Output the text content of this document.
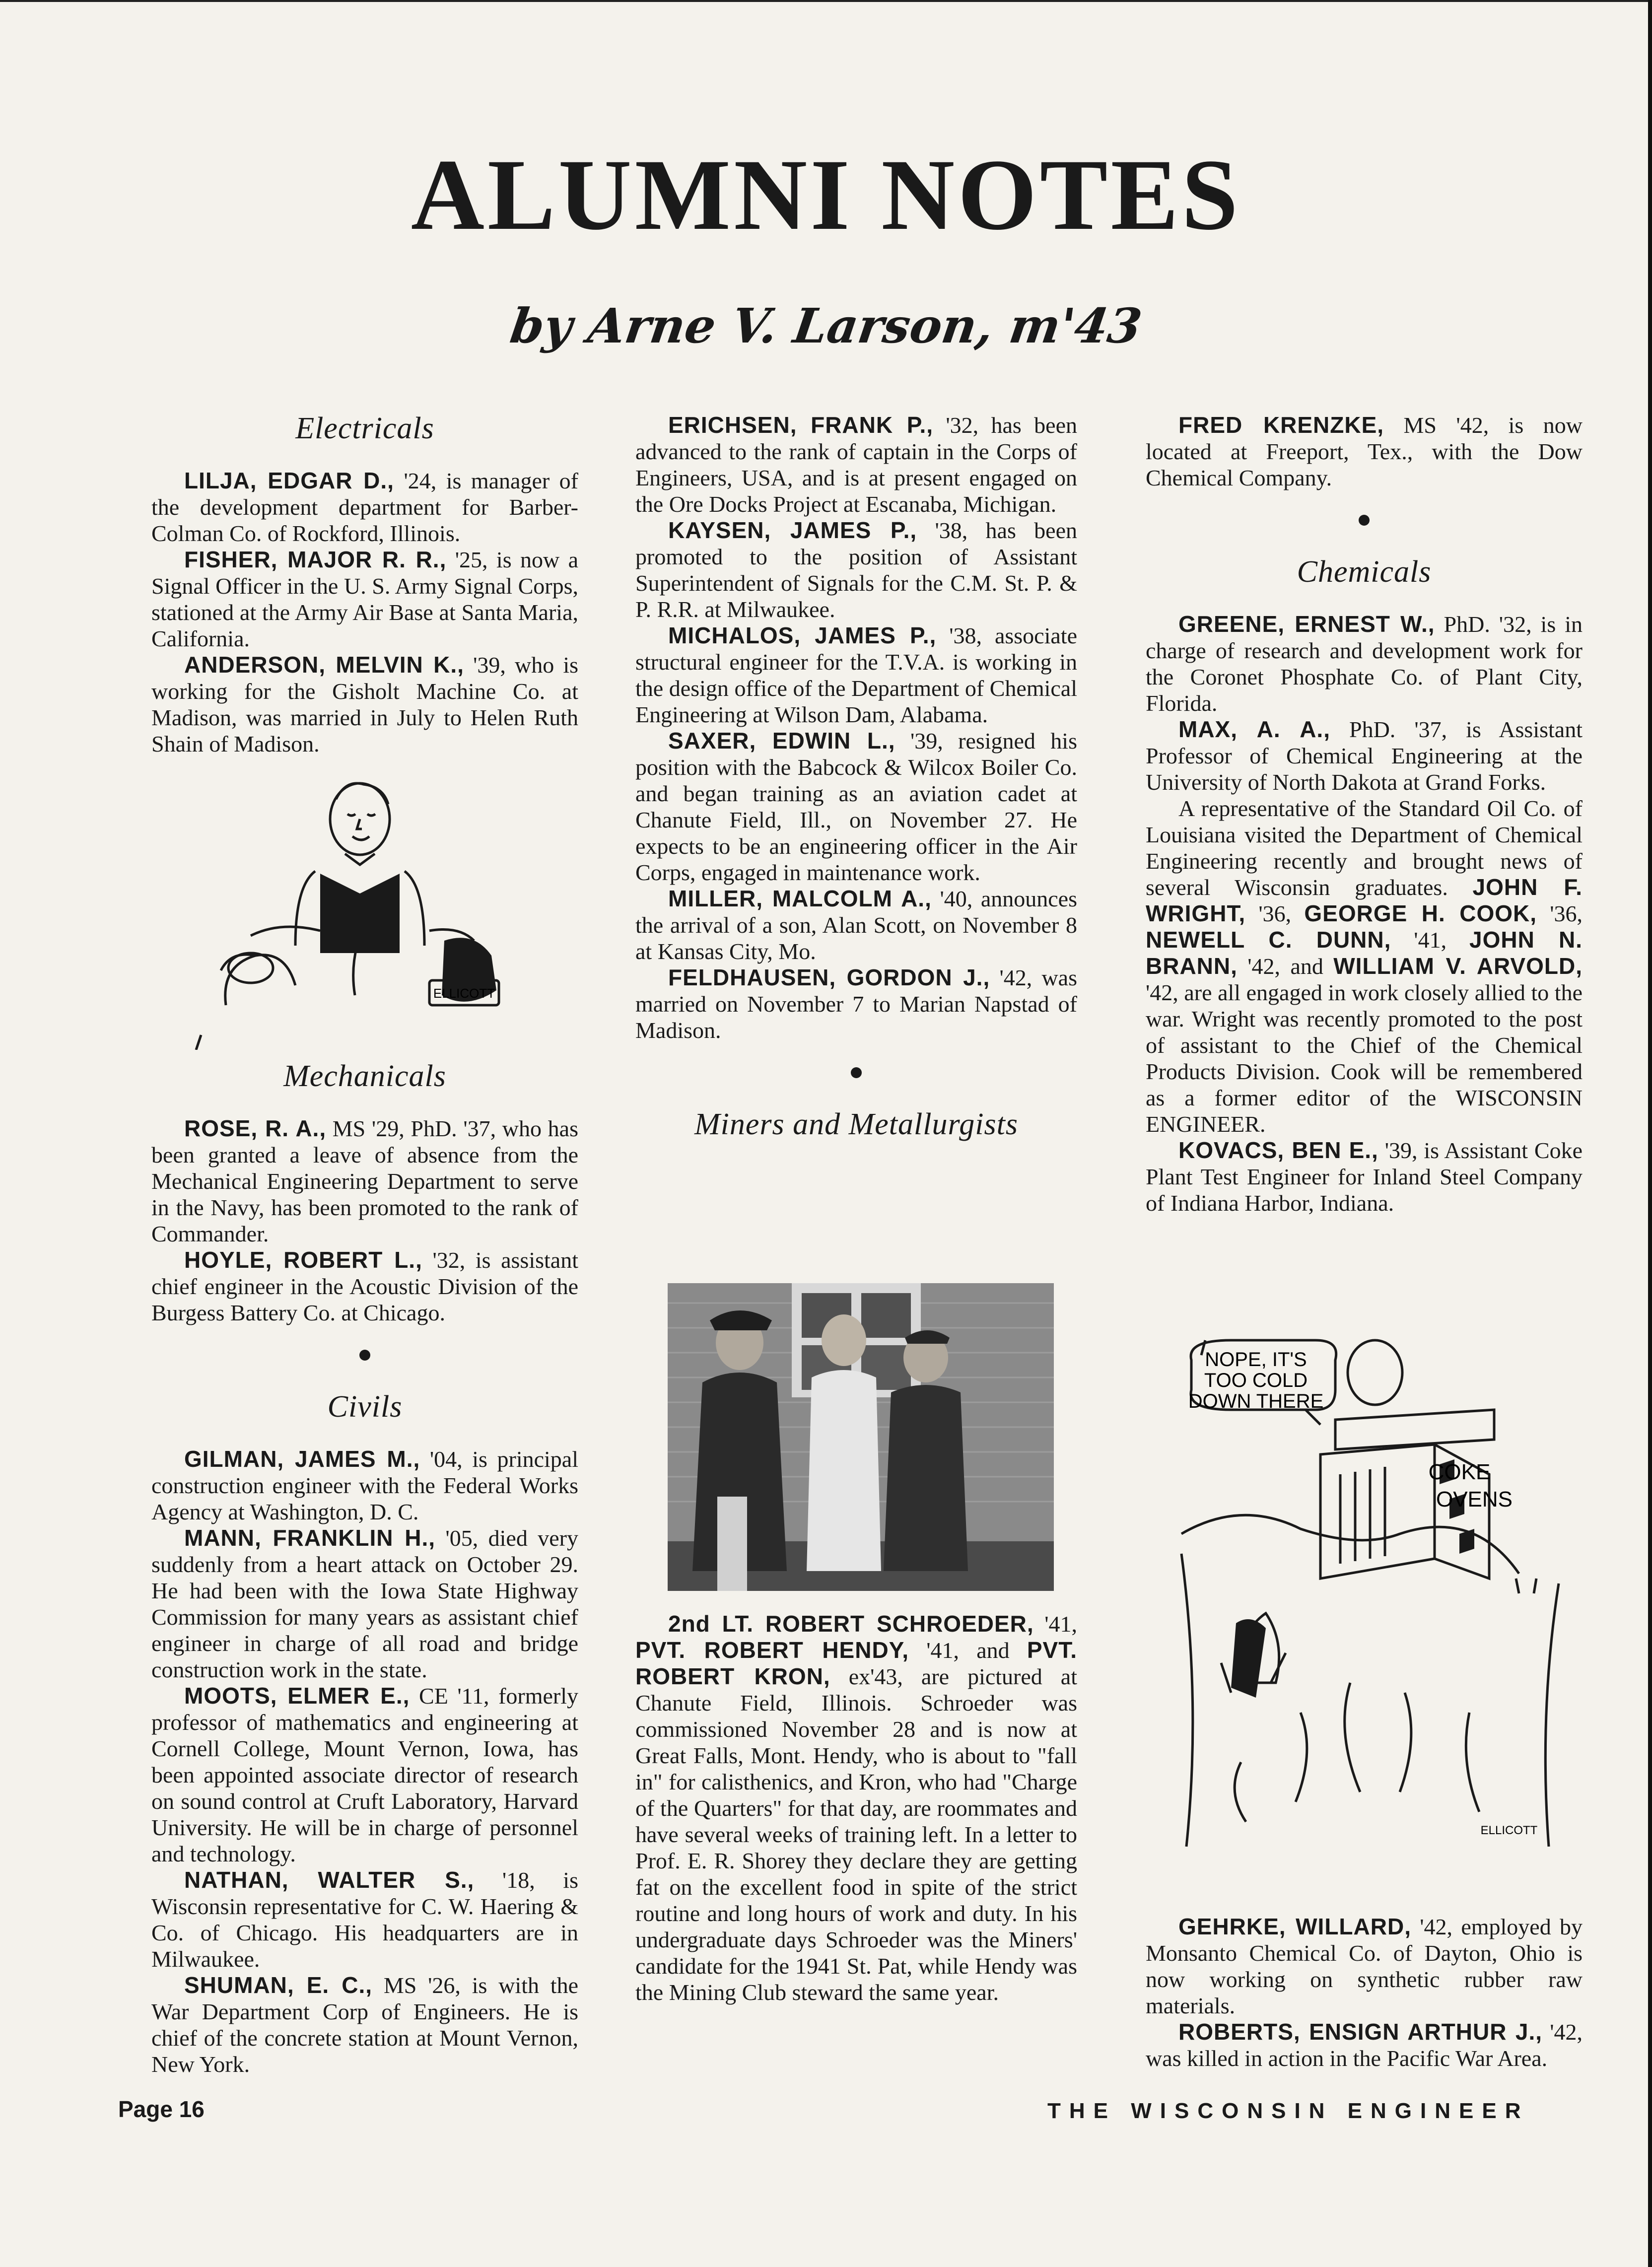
ALUMNI NOTES
by Arne V. Larson, m'43
Electricals

LILJA, EDGAR D., '24, is manager of the development department for Barber-Colman Co. of Rockford, Illinois.

FISHER, MAJOR R. R., '25, is now a Signal Officer in the U. S. Army Signal Corps, stationed at the Army Air Base at Santa Maria, California.

ANDERSON, MELVIN K., '39, who is working for the Gisholt Machine Co. at Madison, was married in July to Helen Ruth Shain of Madison.

ELLICOTT
Mechanicals

ROSE, R. A., MS '29, PhD. '37, who has been granted a leave of absence from the Mechanical Engineering Department to serve in the Navy, has been promoted to the rank of Commander.

HOYLE, ROBERT L., '32, is assistant chief engineer in the Acoustic Division of the Burgess Battery Co. at Chicago.

Civils

GILMAN, JAMES M., '04, is principal construction engineer with the Federal Works Agency at Washington, D. C.

MANN, FRANKLIN H., '05, died very suddenly from a heart attack on October 29. He had been with the Iowa State Highway Commission for many years as assistant chief engineer in charge of all road and bridge construction work in the state.

MOOTS, ELMER E., CE '11, formerly professor of mathematics and engineering at Cornell College, Mount Vernon, Iowa, has been appointed associate director of research on sound control at Cruft Laboratory, Harvard University. He will be in charge of personnel and technology.

NATHAN, WALTER S., '18, is Wisconsin representative for C. W. Haering & Co. of Chicago. His headquarters are in Milwaukee.

SHUMAN, E. C., MS '26, is with the War Department Corp of Engineers. He is chief of the concrete station at Mount Vernon, New York.

ERICHSEN, FRANK P., '32, has been advanced to the rank of captain in the Corps of Engineers, USA, and is at present engaged on the Ore Docks Project at Escanaba, Michigan.

KAYSEN, JAMES P., '38, has been promoted to the position of Assistant Superintendent of Signals for the C.M. St. P. & P. R.R. at Milwaukee.

MICHALOS, JAMES P., '38, associate structural engineer for the T.V.A. is working in the design office of the Department of Chemical Engineering at Wilson Dam, Alabama.

SAXER, EDWIN L., '39, resigned his position with the Babcock & Wilcox Boiler Co. and began training as an aviation cadet at Chanute Field, Ill., on November 27. He expects to be an engineering officer in the Air Corps, engaged in maintenance work.

MILLER, MALCOLM A., '40, announces the arrival of a son, Alan Scott, on November 8 at Kansas City, Mo.

FELDHAUSEN, GORDON J., '42, was married on November 7 to Marian Napstad of Madison.

Miners and Metallurgists

2nd LT. ROBERT SCHROEDER, '41, PVT. ROBERT HENDY, '41, and PVT. ROBERT KRON, ex'43, are pictured at Chanute Field, Illinois. Schroeder was commissioned November 28 and is now at Great Falls, Mont. Hendy, who is about to "fall in" for calisthenics, and Kron, who had "Charge of the Quarters" for that day, are roommates and have several weeks of training left. In a letter to Prof. E. R. Shorey they declare they are getting fat on the excellent food in spite of the strict routine and long hours of work and duty. In his undergraduate days Schroeder was the Miners' candidate for the 1941 St. Pat, while Hendy was the Mining Club steward the same year.

FRED KRENZKE, MS '42, is now located at Freeport, Tex., with the Dow Chemical Company.

Chemicals

GREENE, ERNEST W., PhD. '32, is in charge of research and development work for the Coronet Phosphate Co. of Plant City, Florida.

MAX, A. A., PhD. '37, is Assistant Professor of Chemical Engineering at the University of North Dakota at Grand Forks.

A representative of the Standard Oil Co. of Louisiana visited the Department of Chemical Engineering recently and brought news of several Wisconsin graduates. JOHN F. WRIGHT, '36, GEORGE H. COOK, '36, NEWELL C. DUNN, '41, JOHN N. BRANN, '42, and WILLIAM V. ARVOLD, '42, are all engaged in work closely allied to the war. Wright was recently promoted to the post of assistant to the Chief of the Chemical Products Division. Cook will be remembered as a former editor of the WISCONSIN ENGINEER.

KOVACS, BEN E., '39, is Assistant Coke Plant Test Engineer for Inland Steel Company of Indiana Harbor, Indiana.

NOPE, IT'S
TOO COLD
DOWN THERE
COKE
OVENS
ELLICOTT

GEHRKE, WILLARD, '42, employed by Monsanto Chemical Co. of Dayton, Ohio is now working on synthetic rubber raw materials.

ROBERTS, ENSIGN ARTHUR J., '42, was killed in action in the Pacific War Area.

Page 16	THE WISCONSIN ENGINEER
